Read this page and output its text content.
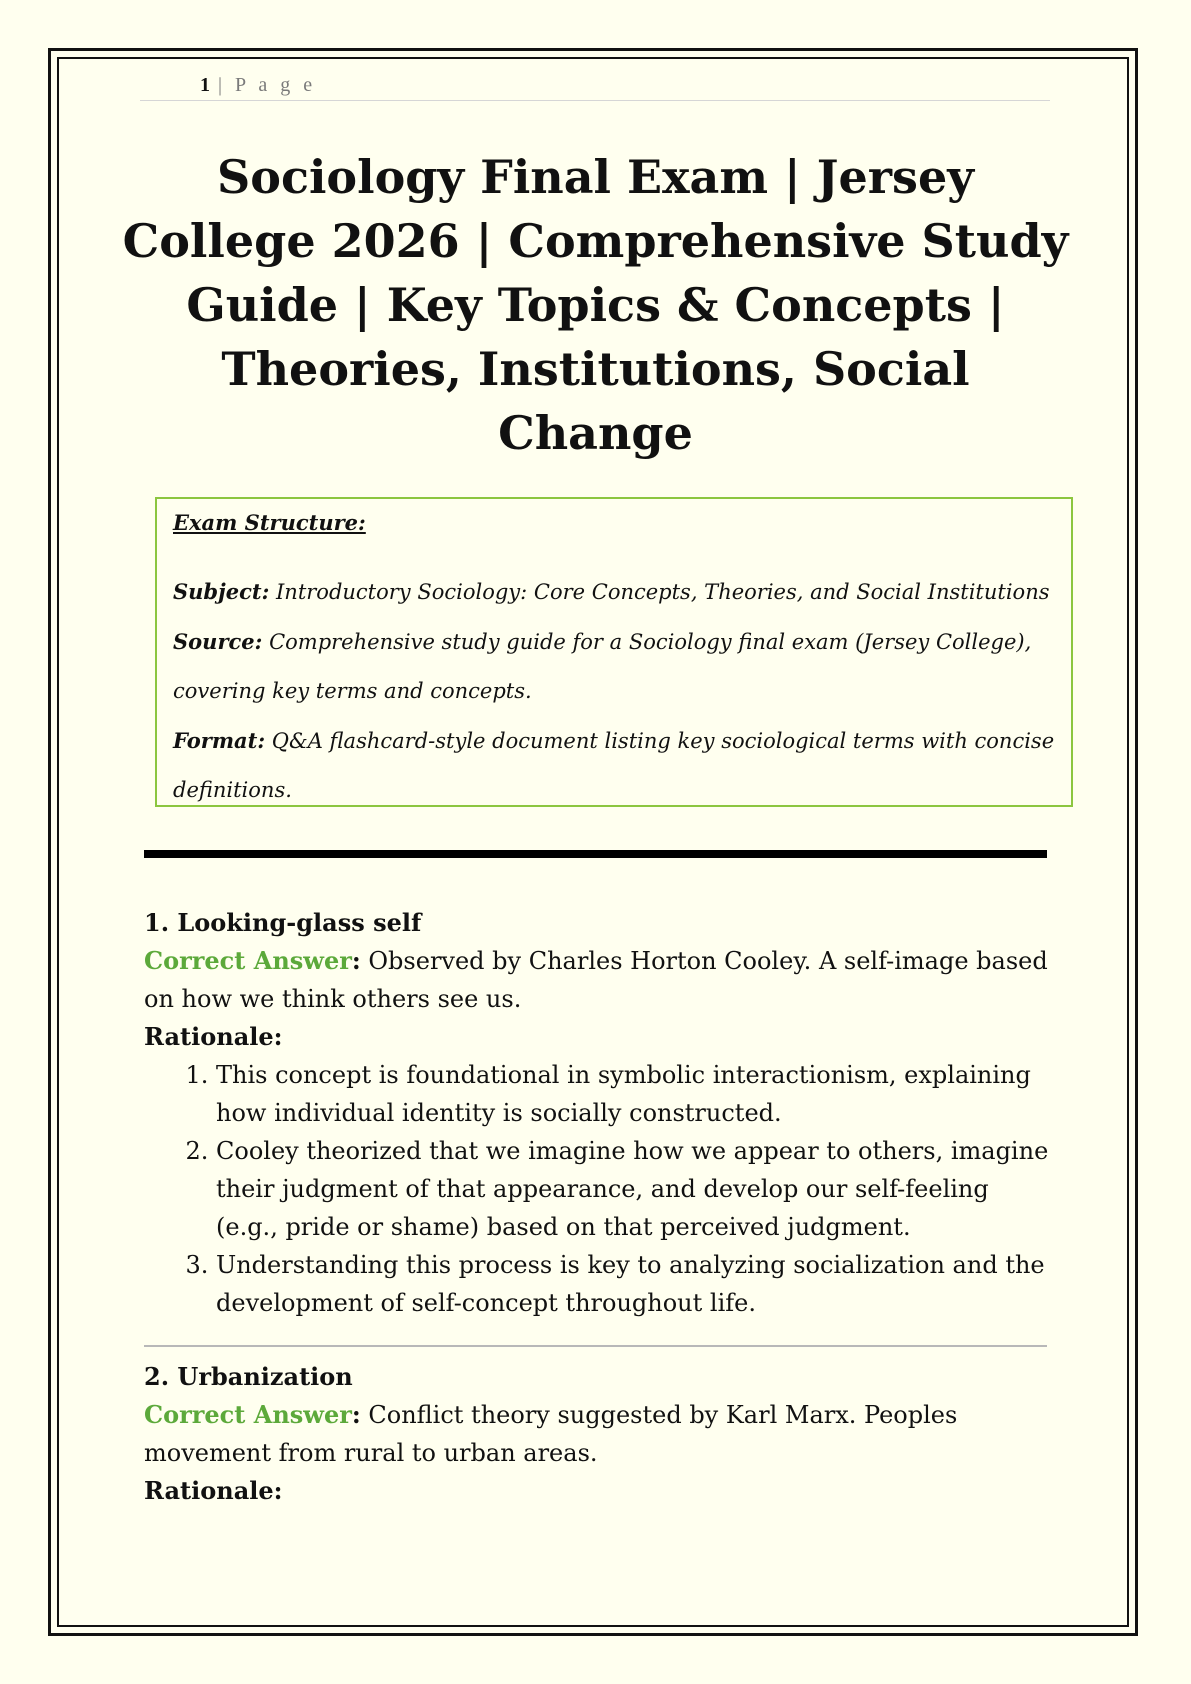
1 | P a g e
Sociology Final Exam | Jersey College 2026 | Comprehensive Study Guide | Key Topics & Concepts | Theories, Institutions, Social Change
Exam Structure:
Subject: Introductory Sociology: Core Concepts, Theories, and Social Institutions
Source: Comprehensive study guide for a Sociology final exam (Jersey College), covering key terms and concepts.
Format: Q&A flashcard-style document listing key sociological terms with concise definitions.
1. Looking-glass self
Correct Answer: Observed by Charles Horton Cooley. A self-image based on how we think others see us.
Rationale:
1. This concept is foundational in symbolic interactionism, explaining how individual identity is socially constructed.
2. Cooley theorized that we imagine how we appear to others, imagine their judgment of that appearance, and develop our self-feeling (e.g., pride or shame) based on that perceived judgment.
3. Understanding this process is key to analyzing socialization and the development of self-concept throughout life.
2. Urbanization
Correct Answer: Conflict theory suggested by Karl Marx. Peoples movement from rural to urban areas.
Rationale:
